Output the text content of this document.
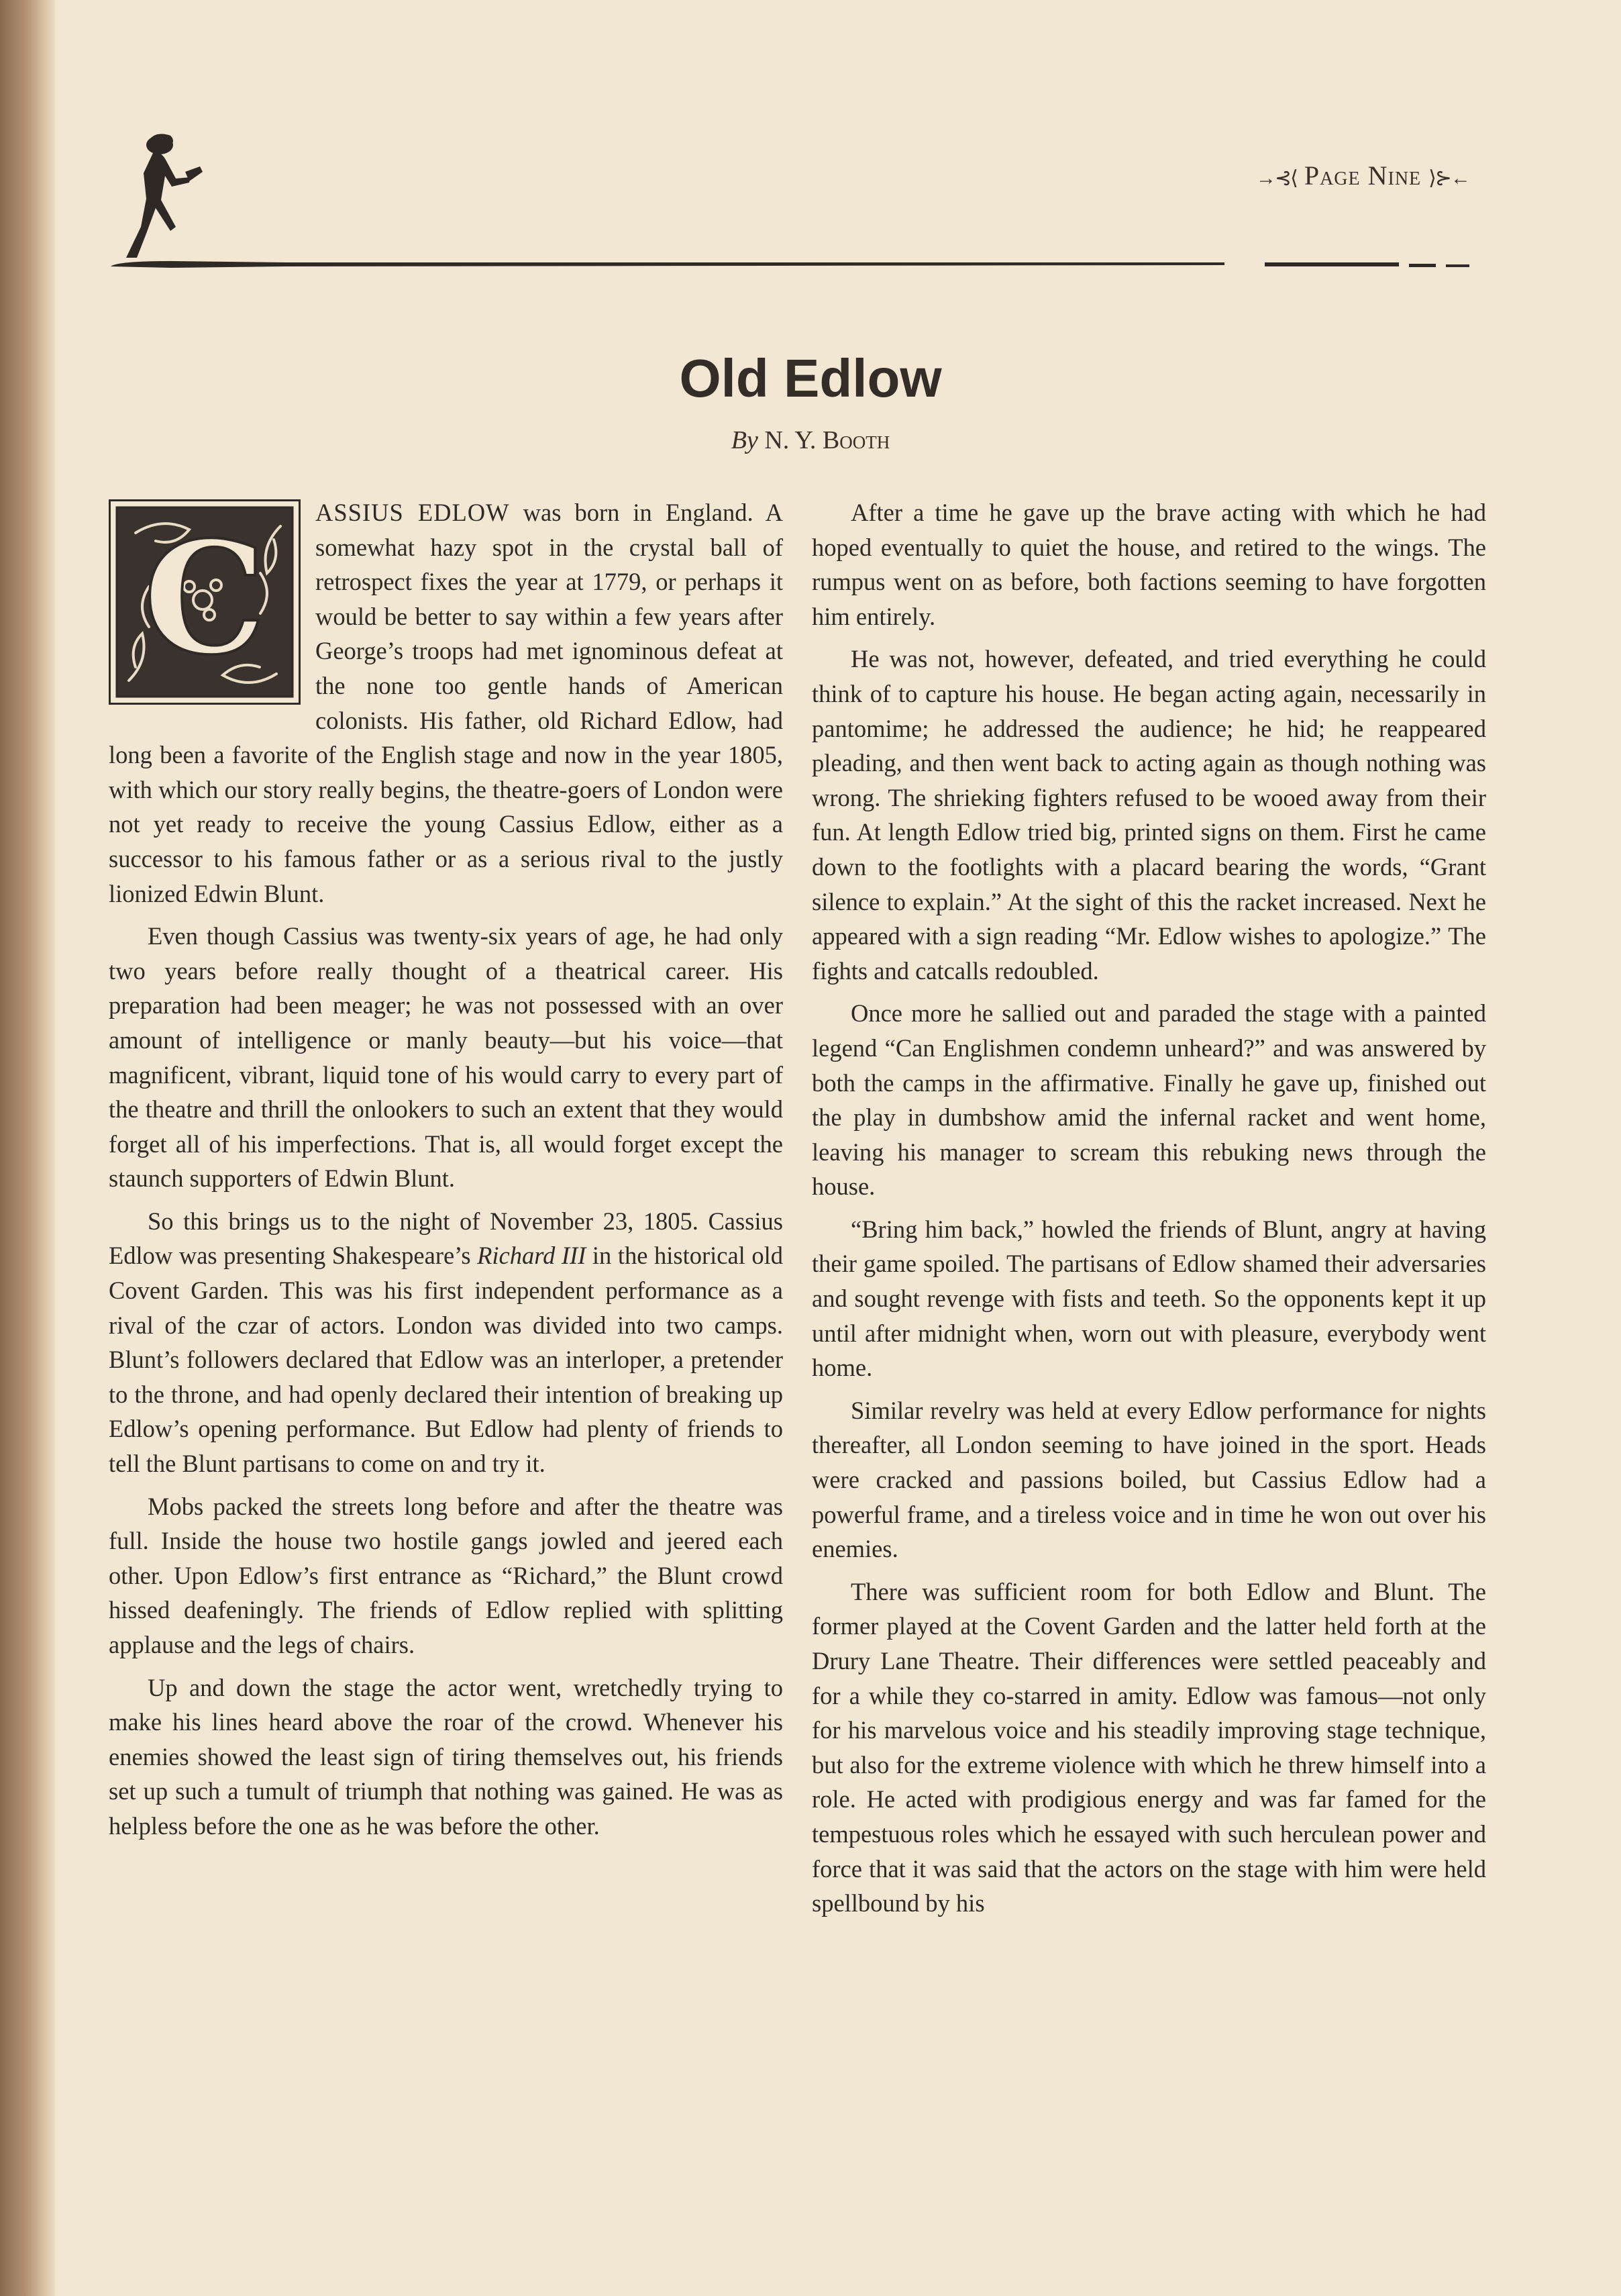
→⊰⟨ Page Nine ⟩⊱←
Old Edlow
By N. Y. Booth

C ASSIUS EDLOW was born in England. A somewhat hazy spot in the crystal ball of retrospect fixes the year at 1779, or perhaps it would be better to say within a few years after George’s troops had met ignominous defeat at the none too gentle hands of American colonists. His father, old Richard Edlow, had long been a favorite of the English stage and now in the year 1805, with which our story really begins, the theatre-goers of London were not yet ready to receive the young Cassius Edlow, either as a successor to his famous father or as a serious rival to the justly lionized Edwin Blunt.

Even though Cassius was twenty-six years of age, he had only two years before really thought of a theatrical career. His preparation had been meager; he was not possessed with an over amount of intelligence or manly beauty—but his voice—that magnificent, vibrant, liquid tone of his would carry to every part of the theatre and thrill the onlookers to such an extent that they would forget all of his imperfections. That is, all would forget except the staunch supporters of Edwin Blunt.

So this brings us to the night of November 23, 1805. Cassius Edlow was presenting Shakespeare’s Richard III in the historical old Covent Garden. This was his first independent performance as a rival of the czar of actors. London was divided into two camps. Blunt’s followers declared that Edlow was an interloper, a pretender to the throne, and had openly declared their intention of breaking up Edlow’s opening performance. But Edlow had plenty of friends to tell the Blunt partisans to come on and try it.

Mobs packed the streets long before and after the theatre was full. Inside the house two hostile gangs jowled and jeered each other. Upon Edlow’s first entrance as “Richard,” the Blunt crowd hissed deafeningly. The friends of Edlow replied with splitting applause and the legs of chairs.

Up and down the stage the actor went, wretchedly trying to make his lines heard above the roar of the crowd. Whenever his enemies showed the least sign of tiring themselves out, his friends set up such a tumult of triumph that nothing was gained. He was as helpless before the one as he was before the other.

After a time he gave up the brave acting with which he had hoped eventually to quiet the house, and retired to the wings. The rumpus went on as before, both factions seeming to have forgotten him entirely.

He was not, however, defeated, and tried everything he could think of to capture his house. He began acting again, necessarily in pantomime; he addressed the audience; he hid; he reappeared pleading, and then went back to acting again as though nothing was wrong. The shrieking fighters refused to be wooed away from their fun. At length Edlow tried big, printed signs on them. First he came down to the footlights with a placard bearing the words, “Grant silence to explain.” At the sight of this the racket increased. Next he appeared with a sign reading “Mr. Edlow wishes to apologize.” The fights and catcalls redoubled.

Once more he sallied out and paraded the stage with a painted legend “Can Englishmen condemn unheard?” and was answered by both the camps in the affirmative. Finally he gave up, finished out the play in dumbshow amid the infernal racket and went home, leaving his manager to scream this rebuking news through the house.

“Bring him back,” howled the friends of Blunt, angry at having their game spoiled. The partisans of Edlow shamed their adversaries and sought revenge with fists and teeth. So the opponents kept it up until after midnight when, worn out with pleasure, everybody went home.

Similar revelry was held at every Edlow performance for nights thereafter, all London seeming to have joined in the sport. Heads were cracked and passions boiled, but Cassius Edlow had a powerful frame, and a tireless voice and in time he won out over his enemies.

There was sufficient room for both Edlow and Blunt. The former played at the Covent Garden and the latter held forth at the Drury Lane Theatre. Their differences were settled peaceably and for a while they co-starred in amity. Edlow was famous—not only for his marvelous voice and his steadily improving stage technique, but also for the extreme violence with which he threw himself into a role. He acted with prodigious energy and was far famed for the tempestuous roles which he essayed with such herculean power and force that it was said that the actors on the stage with him were held spellbound by his
